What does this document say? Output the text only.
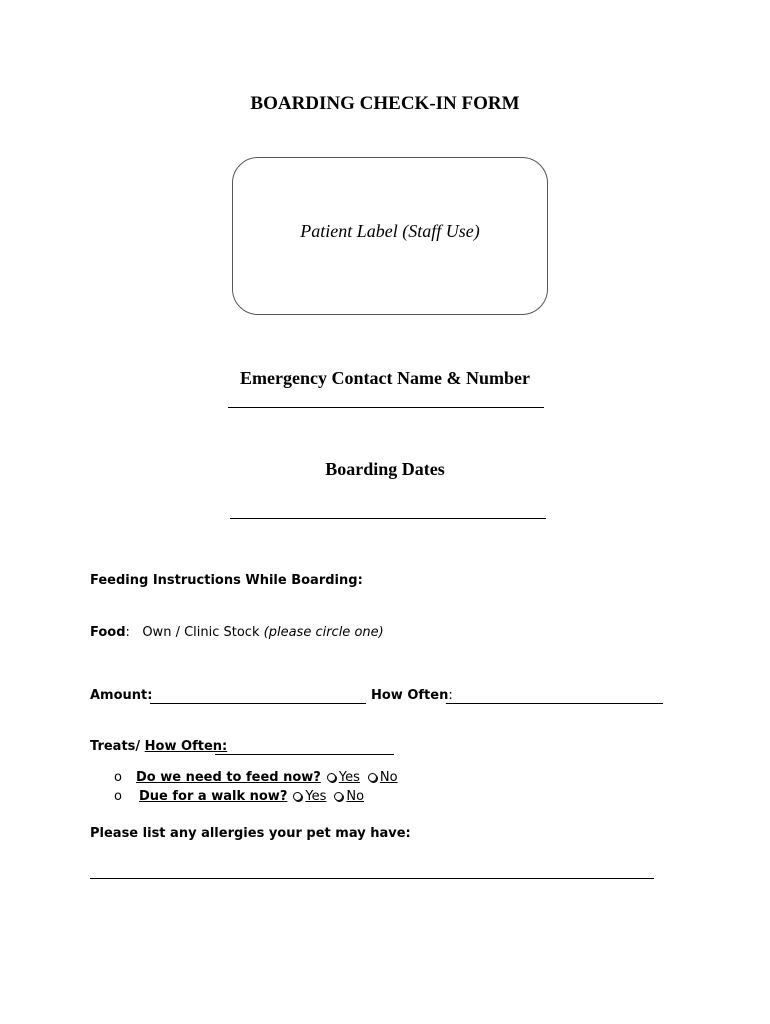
BOARDING CHECK-IN FORM
Patient Label (Staff Use)
Emergency Contact Name & Number
Boarding Dates
Feeding Instructions While Boarding:
Food: Own / Clinic Stock (please circle one)
Amount:	How Often:
Treats/ How Often:
o Do we need to feed now? Yes No
o Due for a walk now? Yes No
Please list any allergies your pet may have:
